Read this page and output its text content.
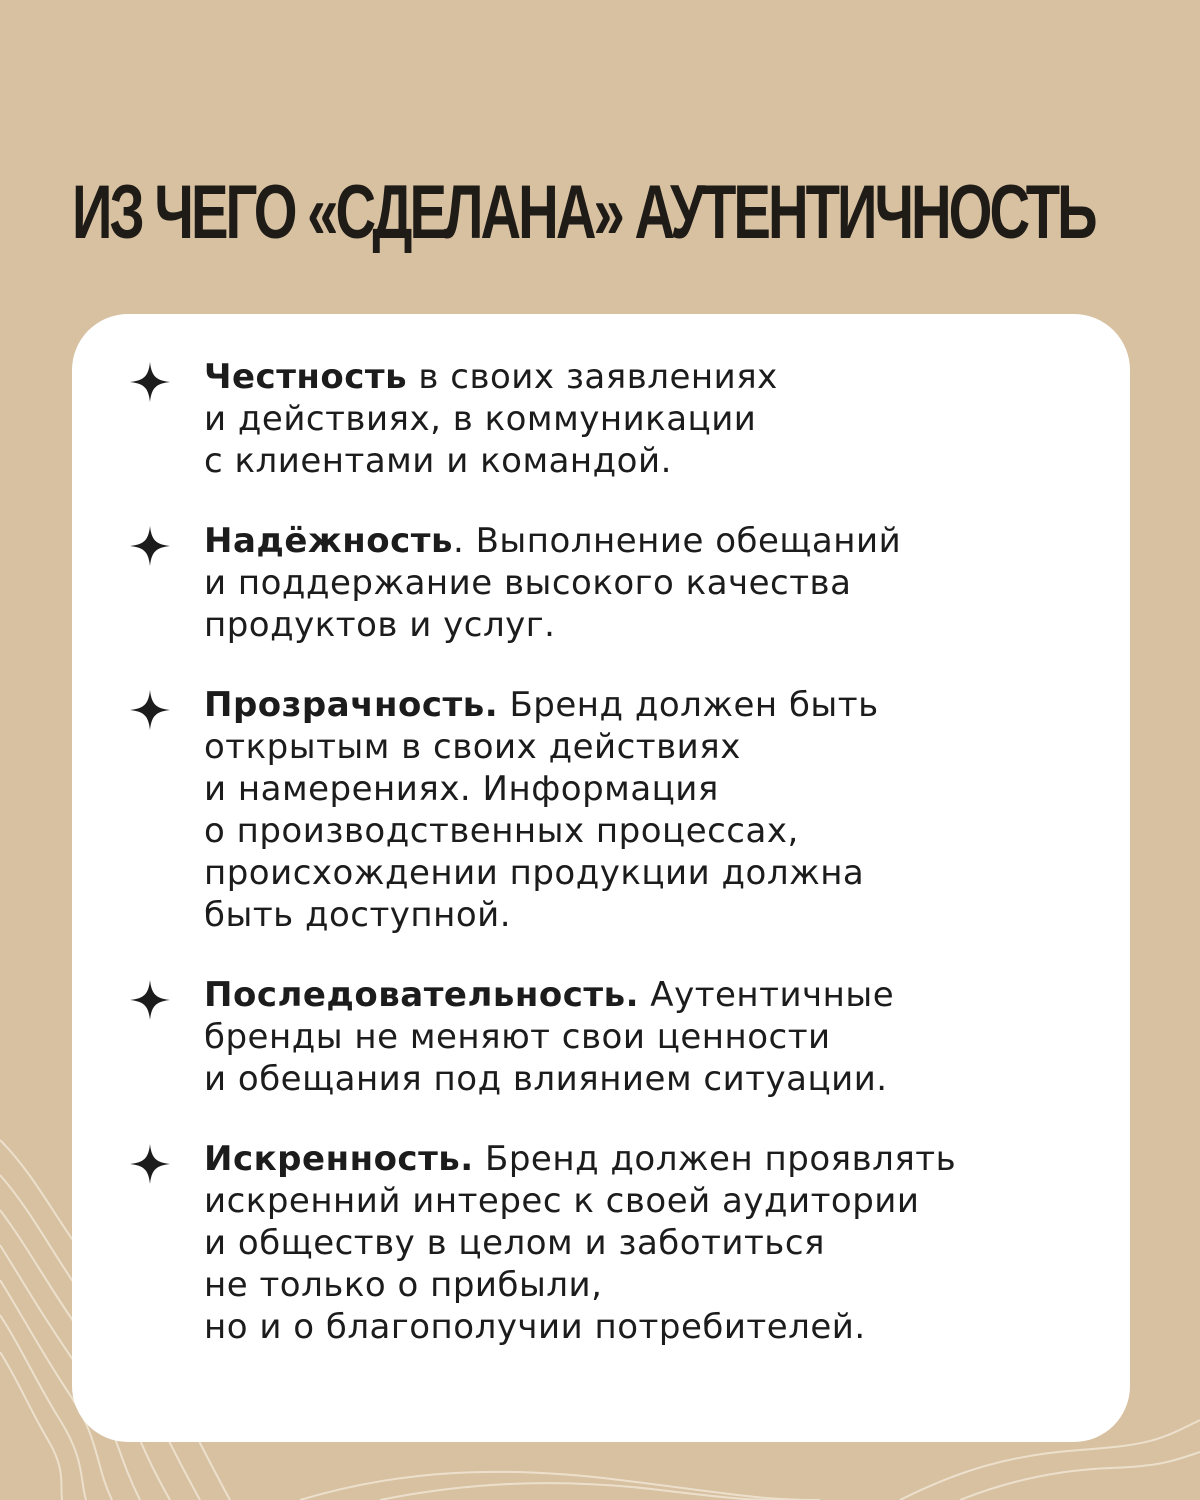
ИЗ ЧЕГО «СДЕЛАНА» АУТЕНТИЧНОСТЬ
Честность в своих заявлениях
и действиях, в коммуникации
с клиентами и командой.
Надёжность. Выполнение обещаний
и поддержание высокого качества
продуктов и услуг.
Прозрачность. Бренд должен быть
открытым в своих действиях
и намерениях. Информация
о производственных процессах,
происхождении продукции должна
быть доступной.
Последовательность. Аутентичные
бренды не меняют свои ценности
и обещания под влиянием ситуации.
Искренность. Бренд должен проявлять
искренний интерес к своей аудитории
и обществу в целом и заботиться
не только о прибыли,
но и о благополучии потребителей.
